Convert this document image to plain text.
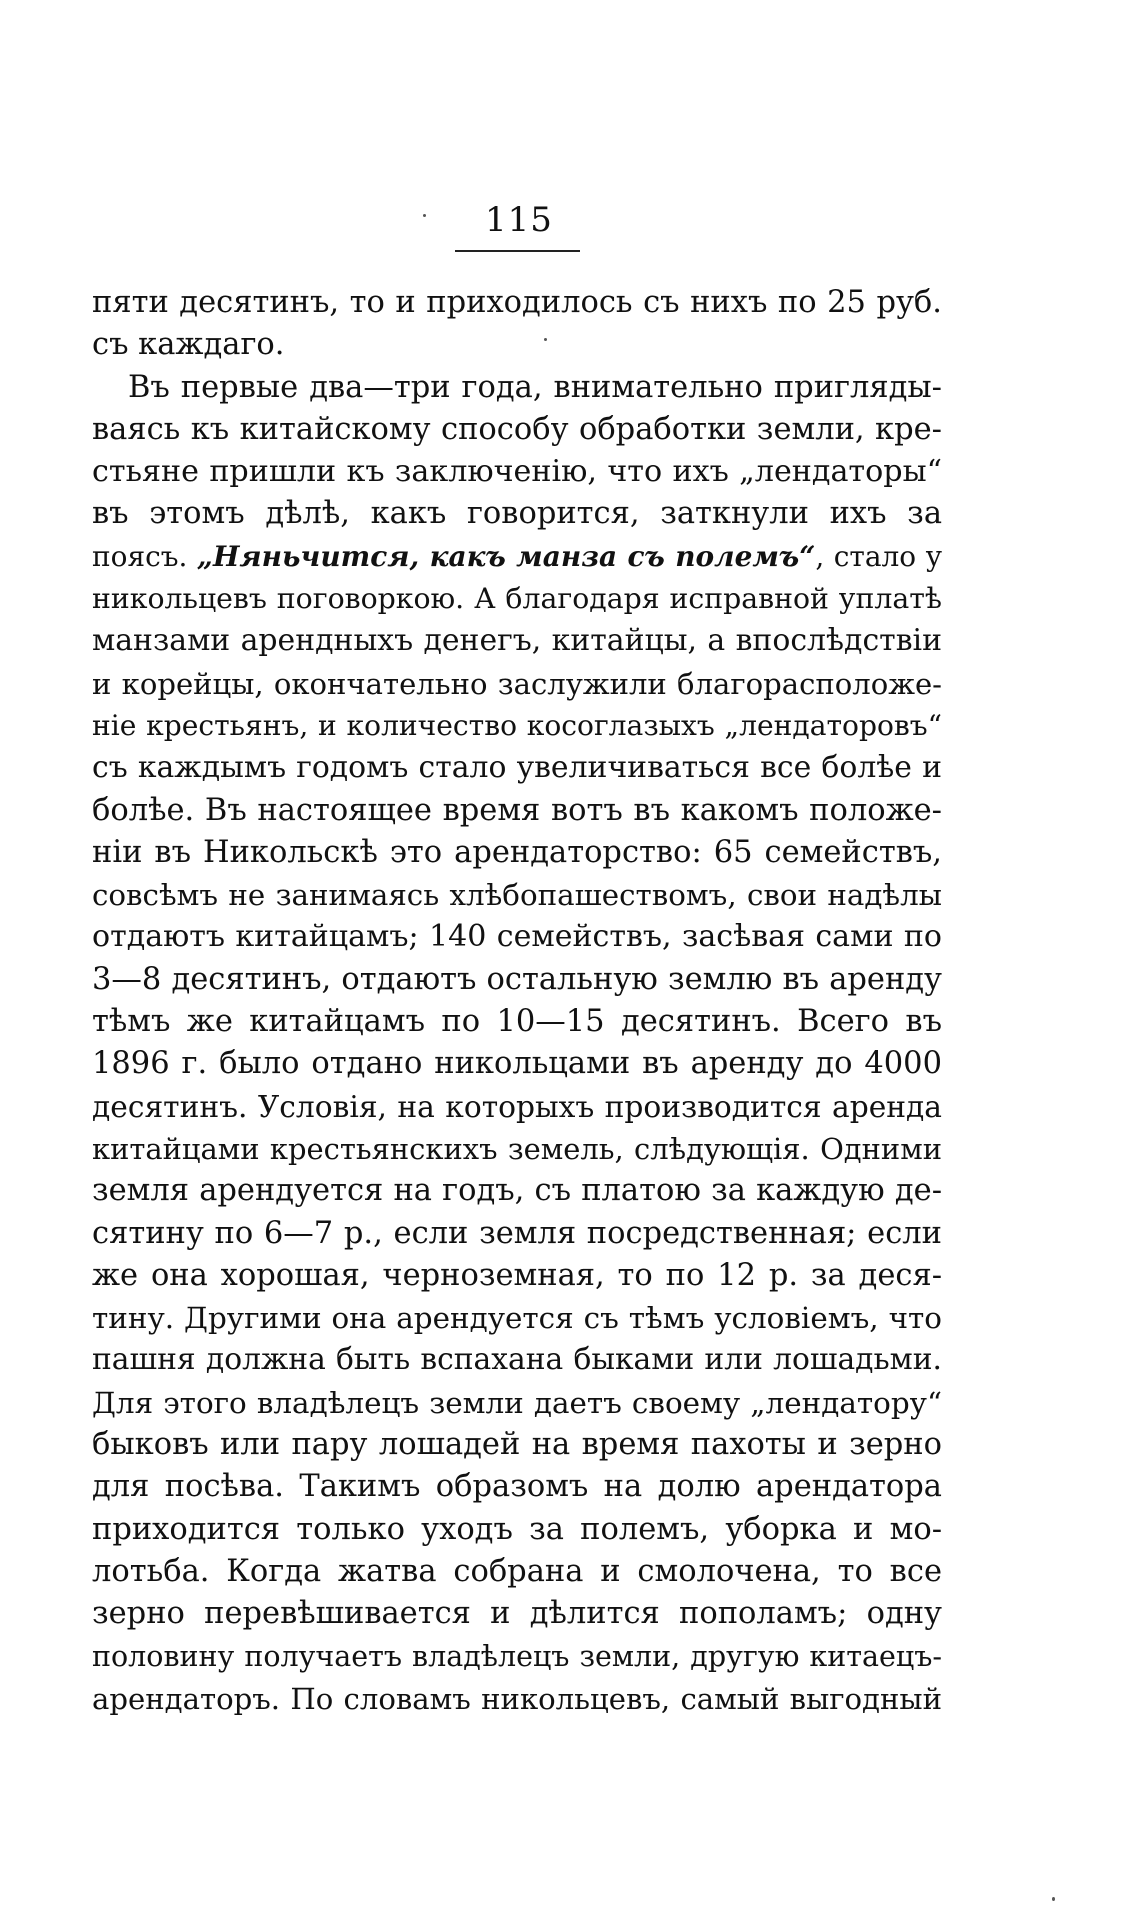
115
пяти десятинъ, то и приходилось съ нихъ по 25 руб.
съ каждаго.
Въ первые два—три года, внимательно пригляды-
ваясь къ китайскому способу обработки земли, кре-
стьяне пришли къ заключенію, что ихъ „лендаторы“
въ этомъ дѣлѣ, какъ говорится, заткнули ихъ за
поясъ. „Няньчится, какъ манза съ полемъ“, стало у
никольцевъ поговоркою. А благодаря исправной уплатѣ
манзами арендныхъ денегъ, китайцы, а впослѣдствіи
и корейцы, окончательно заслужили благорасположе-
ніе крестьянъ, и количество косоглазыхъ „лендаторовъ“
съ каждымъ годомъ стало увеличиваться все болѣе и
болѣе. Въ настоящее время вотъ въ какомъ положе-
ніи въ Никольскѣ это арендаторство: 65 семействъ,
совсѣмъ не занимаясь хлѣбопашествомъ, свои надѣлы
отдаютъ китайцамъ; 140 семействъ, засѣвая сами по
3—8 десятинъ, отдаютъ остальную землю въ аренду
тѣмъ же китайцамъ по 10—15 десятинъ. Всего въ
1896 г. было отдано никольцами въ аренду до 4000
десятинъ. Условія, на которыхъ производится аренда
китайцами крестьянскихъ земель, слѣдующія. Одними
земля арендуется на годъ, съ платою за каждую де-
сятину по 6—7 р., если земля посредственная; если
же она хорошая, черноземная, то по 12 р. за деся-
тину. Другими она арендуется съ тѣмъ условіемъ, что
пашня должна быть вспахана быками или лошадьми.
Для этого владѣлецъ земли даетъ своему „лендатору“
быковъ или пару лошадей на время пахоты и зерно
для посѣва. Такимъ образомъ на долю арендатора
приходится только уходъ за полемъ, уборка и мо-
лотьба. Когда жатва собрана и смолочена, то все
зерно перевѣшивается и дѣлится пополамъ; одну
половину получаетъ владѣлецъ земли, другую китаецъ-
арендаторъ. По словамъ никольцевъ, самый выгодный
